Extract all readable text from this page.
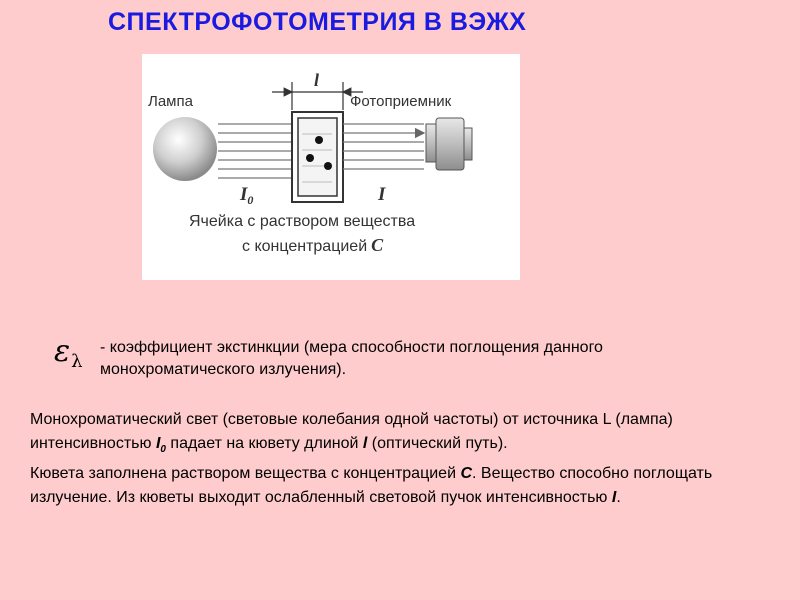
СПЕКТРОФОТОМЕТРИЯ В ВЭЖХ
Лампа	Фотоприемник
l
$I_0$	I
Ячейка с раствором вещества
с концентрацией C
$\varepsilon_\lambda$
- коэффициент экстинкции (мера способности поглощения данного монохроматического излучения).
Монохроматический свет (световые колебания одной частоты) от источника L (лампа) интенсивностью $I_0$ падает на кювету длиной l (оптический путь).
Кювета заполнена раствором вещества с концентрацией C. Вещество способно поглощать излучение. Из кюветы выходит ослабленный световой пучок интенсивностью I.
